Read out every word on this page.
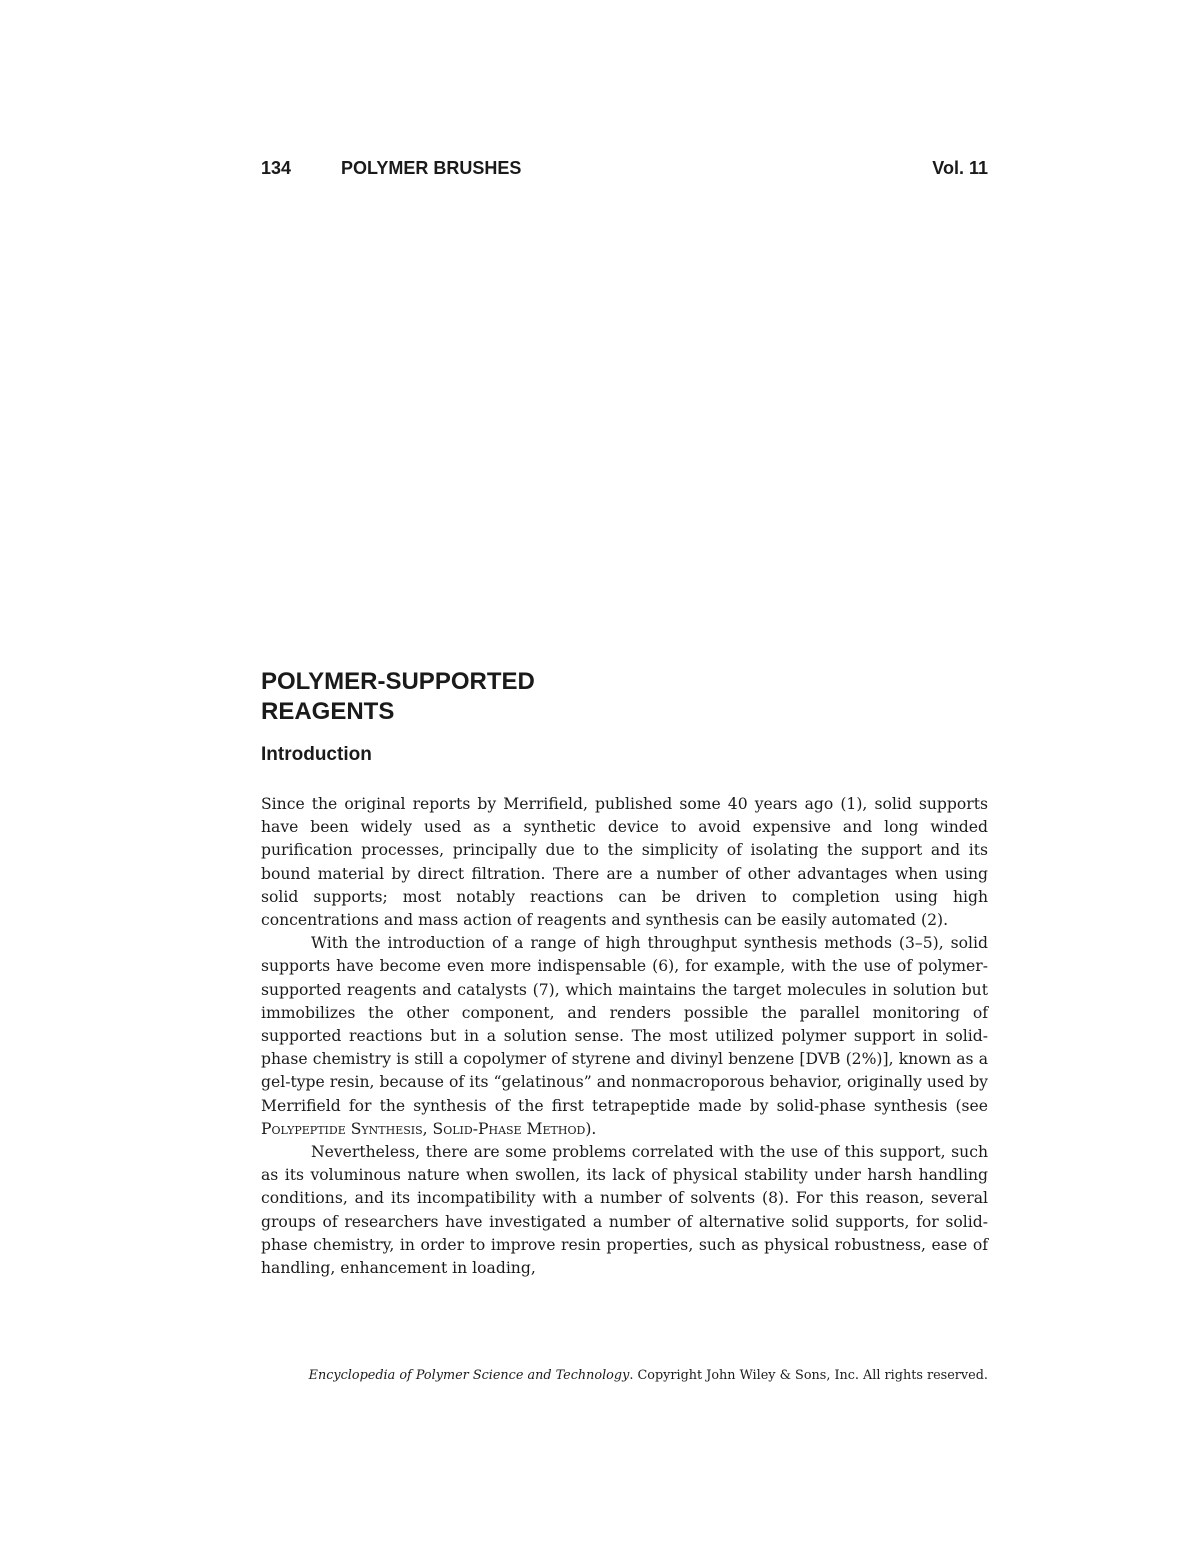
134	POLYMER BRUSHES	Vol. 11
POLYMER-SUPPORTED
REAGENTS
Introduction

Since the original reports by Merrifield, published some 40 years ago (1), solid supports have been widely used as a synthetic device to avoid expensive and long winded purification processes, principally due to the simplicity of isolating the support and its bound material by direct filtration. There are a number of other advantages when using solid supports; most notably reactions can be driven to completion using high concentrations and mass action of reagents and synthesis can be easily automated (2).

With the introduction of a range of high throughput synthesis methods (3–5), solid supports have become even more indispensable (6), for example, with the use of polymer-supported reagents and catalysts (7), which maintains the target molecules in solution but immobilizes the other component, and renders possible the parallel monitoring of supported reactions but in a solution sense. The most utilized polymer support in solid-phase chemistry is still a copolymer of styrene and divinyl benzene [DVB (2%)], known as a gel-type resin, because of its “gelatinous” and nonmacroporous behavior, originally used by Merrifield for the synthesis of the first tetrapeptide made by solid-phase synthesis (see Polypeptide Synthesis, Solid-Phase Method).

Nevertheless, there are some problems correlated with the use of this support, such as its voluminous nature when swollen, its lack of physical stability under harsh handling conditions, and its incompatibility with a number of solvents (8). For this reason, several groups of researchers have investigated a number of alternative solid supports, for solid-phase chemistry, in order to improve resin properties, such as physical robustness, ease of handling, enhancement in loading,

Encyclopedia of Polymer Science and Technology. Copyright John Wiley & Sons, Inc. All rights reserved.
